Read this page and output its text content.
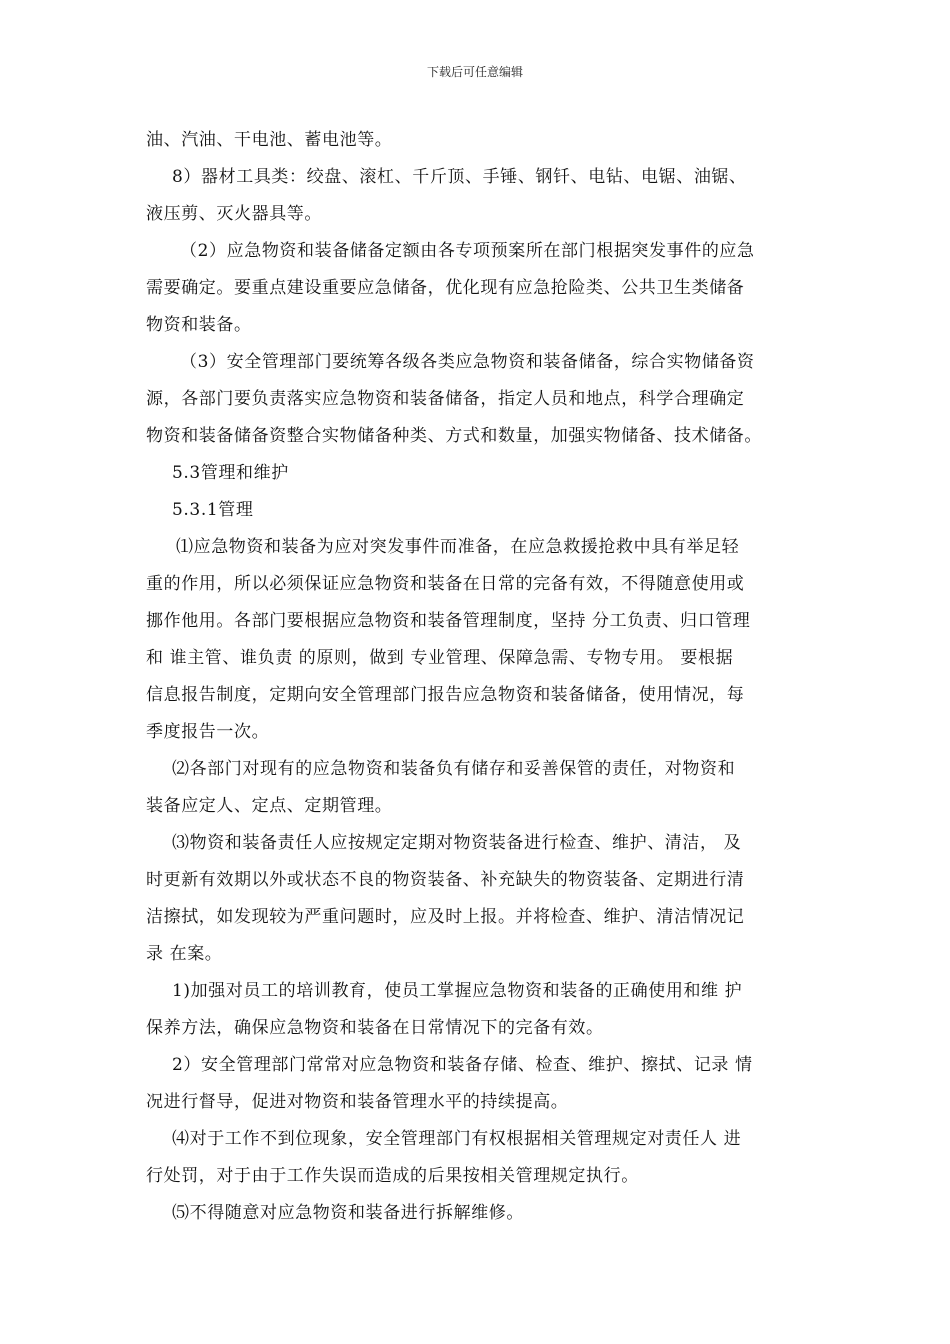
下载后可任意编辑
油、汽油、干电池、蓄电池等。
8）器材工具类：绞盘、滚杠、千斤顶、手锤、钢钎、电钻、电锯、油锯、
液压剪、灭火器具等。
（2）应急物资和装备储备定额由各专项预案所在部门根据突发事件的应急
需要确定。要重点建设重要应急储备，优化现有应急抢险类、公共卫生类储备
物资和装备。
（3）安全管理部门要统筹各级各类应急物资和装备储备，综合实物储备资
源，各部门要负责落实应急物资和装备储备，指定人员和地点，科学合理确定
物资和装备储备资整合实物储备种类、方式和数量，加强实物储备、技术储备。
5.3管理和维护
5.3.1管理
⑴应急物资和装备为应对突发事件而准备，在应急救援抢救中具有举足轻
重的作用，所以必须保证应急物资和装备在日常的完备有效，不得随意使用或
挪作他用。各部门要根据应急物资和装备管理制度，坚持 分工负责、归口管理
和 谁主管、谁负责 的原则，做到 专业管理、保障急需、专物专用。 要根据
信息报告制度，定期向安全管理部门报告应急物资和装备储备，使用情况，每
季度报告一次。
⑵各部门对现有的应急物资和装备负有储存和妥善保管的责任，对物资和
装备应定人、定点、定期管理。
⑶物资和装备责任人应按规定定期对物资装备进行检查、维护、清洁， 及
时更新有效期以外或状态不良的物资装备、补充缺失的物资装备、定期进行清
洁擦拭，如发现较为严重问题时，应及时上报。并将检查、维护、清洁情况记
录 在案。
1)加强对员工的培训教育，使员工掌握应急物资和装备的正确使用和维 护
保养方法，确保应急物资和装备在日常情况下的完备有效。
2）安全管理部门常常对应急物资和装备存储、检查、维护、擦拭、记录 情
况进行督导，促进对物资和装备管理水平的持续提高。
⑷对于工作不到位现象，安全管理部门有权根据相关管理规定对责任人 进
行处罚，对于由于工作失误而造成的后果按相关管理规定执行。
⑸不得随意对应急物资和装备进行拆解维修。
